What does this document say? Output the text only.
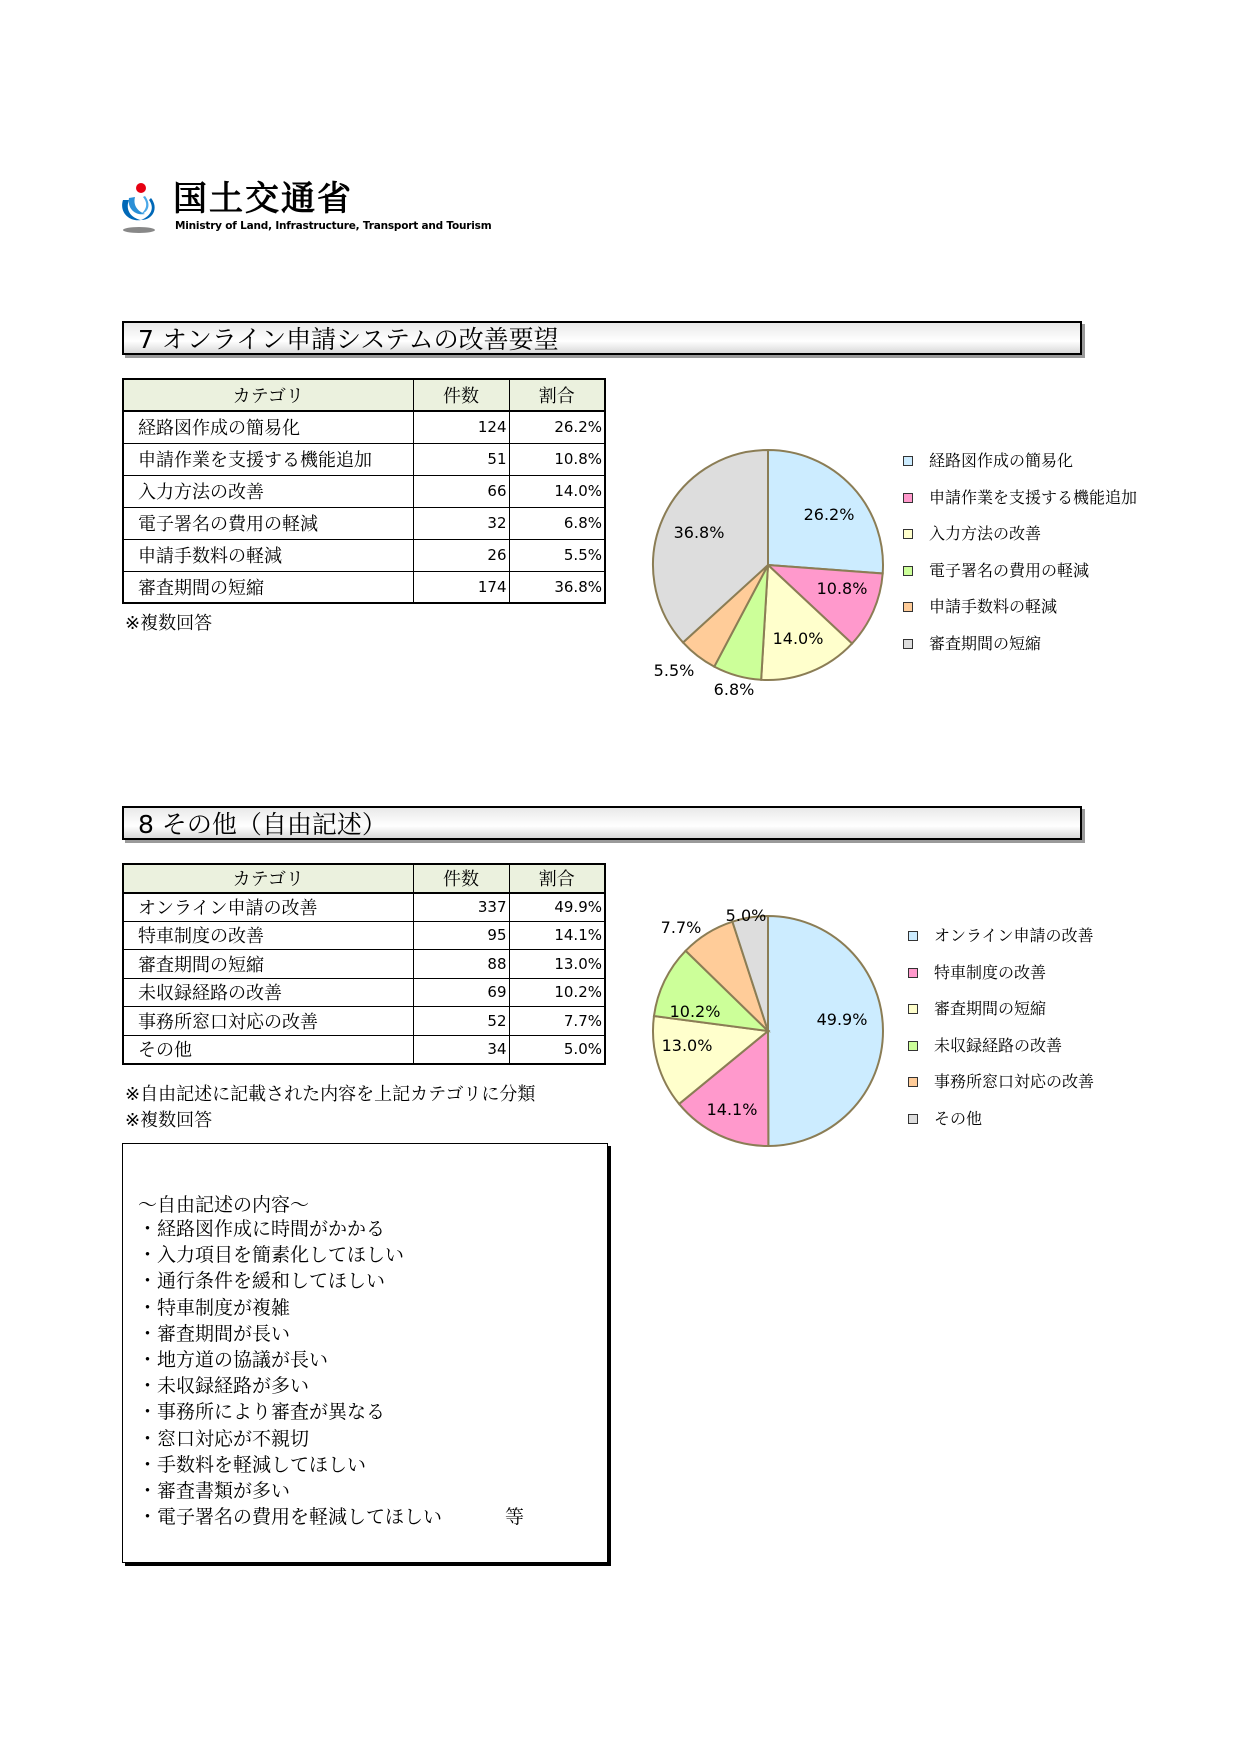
国土交通省
Ministry of Land, Infrastructure, Transport and Tourism
7 オンライン申請システムの改善要望
カテゴリ	件数	割合
経路図作成の簡易化	124	26.2%
申請作業を支援する機能追加	51	10.8%
入力方法の改善	66	14.0%
電子署名の費用の軽減	32	6.8%
申請手数料の軽減	26	5.5%
審査期間の短縮	174	36.8%
※複数回答
26.2%
10.8%
14.0%
6.8%
5.5%
36.8%
経路図作成の簡易化
申請作業を支援する機能追加
入力方法の改善
電子署名の費用の軽減
申請手数料の軽減
審査期間の短縮
8 その他（自由記述）
カテゴリ	件数	割合
オンライン申請の改善	337	49.9%
特車制度の改善	95	14.1%
審査期間の短縮	88	13.0%
未収録経路の改善	69	10.2%
事務所窓口対応の改善	52	7.7%
その他	34	5.0%
※自由記述に記載された内容を上記カテゴリに分類
※複数回答
49.9%
14.1%
13.0%
10.2%
7.7%
5.0%
オンライン申請の改善
特車制度の改善
審査期間の短縮
未収録経路の改善
事務所窓口対応の改善
その他
～自由記述の内容～
・経路図作成に時間がかかる
・入力項目を簡素化してほしい
・通行条件を緩和してほしい
・特車制度が複雑
・審査期間が長い
・地方道の協議が長い
・未収録経路が多い
・事務所により審査が異なる
・窓口対応が不親切
・手数料を軽減してほしい
・審査書類が多い
・電子署名の費用を軽減してほしい	等
